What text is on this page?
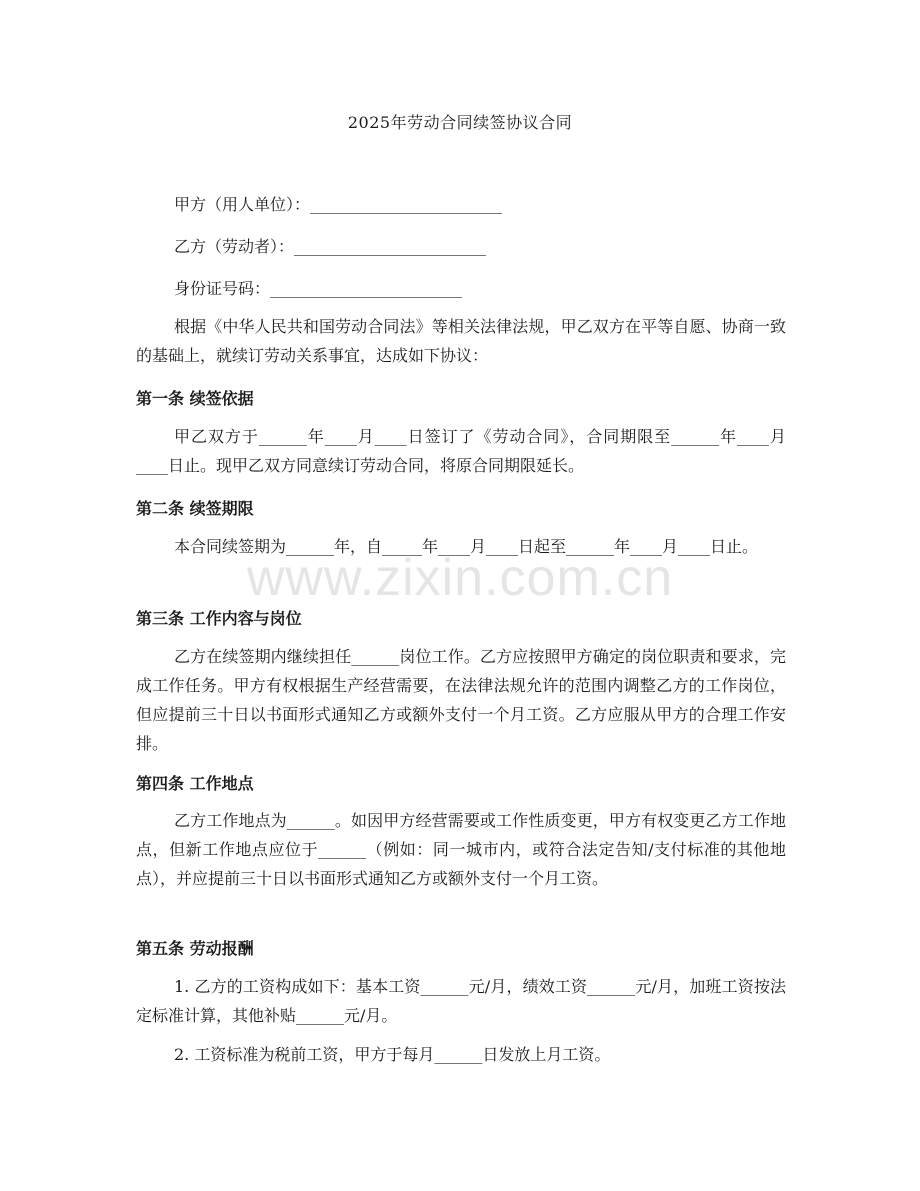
2025年劳动合同续签协议合同
甲方（用人单位）：________________________
乙方（劳动者）：________________________
身份证号码：________________________
根据《中华人民共和国劳动合同法》等相关法律法规，甲乙双方在平等自愿、协商一致的基础上，就续订劳动关系事宜，达成如下协议：
第一条 续签依据
甲乙双方于______年____月____日签订了《劳动合同》，合同期限至______年____月____日止。现甲乙双方同意续订劳动合同，将原合同期限延长。
第二条 续签期限
本合同续签期为______年，自_____年____月____日起至______年____月____日止。
第三条 工作内容与岗位
乙方在续签期内继续担任______岗位工作。乙方应按照甲方确定的岗位职责和要求，完成工作任务。甲方有权根据生产经营需要，在法律法规允许的范围内调整乙方的工作岗位，但应提前三十日以书面形式通知乙方或额外支付一个月工资。乙方应服从甲方的合理工作安排。
第四条 工作地点
乙方工作地点为______。如因甲方经营需要或工作性质变更，甲方有权变更乙方工作地点，但新工作地点应位于______（例如：同一城市内，或符合法定告知/支付标准的其他地点），并应提前三十日以书面形式通知乙方或额外支付一个月工资。
第五条 劳动报酬
1. 乙方的工资构成如下：基本工资______元/月，绩效工资______元/月，加班工资按法定标准计算，其他补贴______元/月。
2. 工资标准为税前工资，甲方于每月______日发放上月工资。
www.zixin.com.cn
